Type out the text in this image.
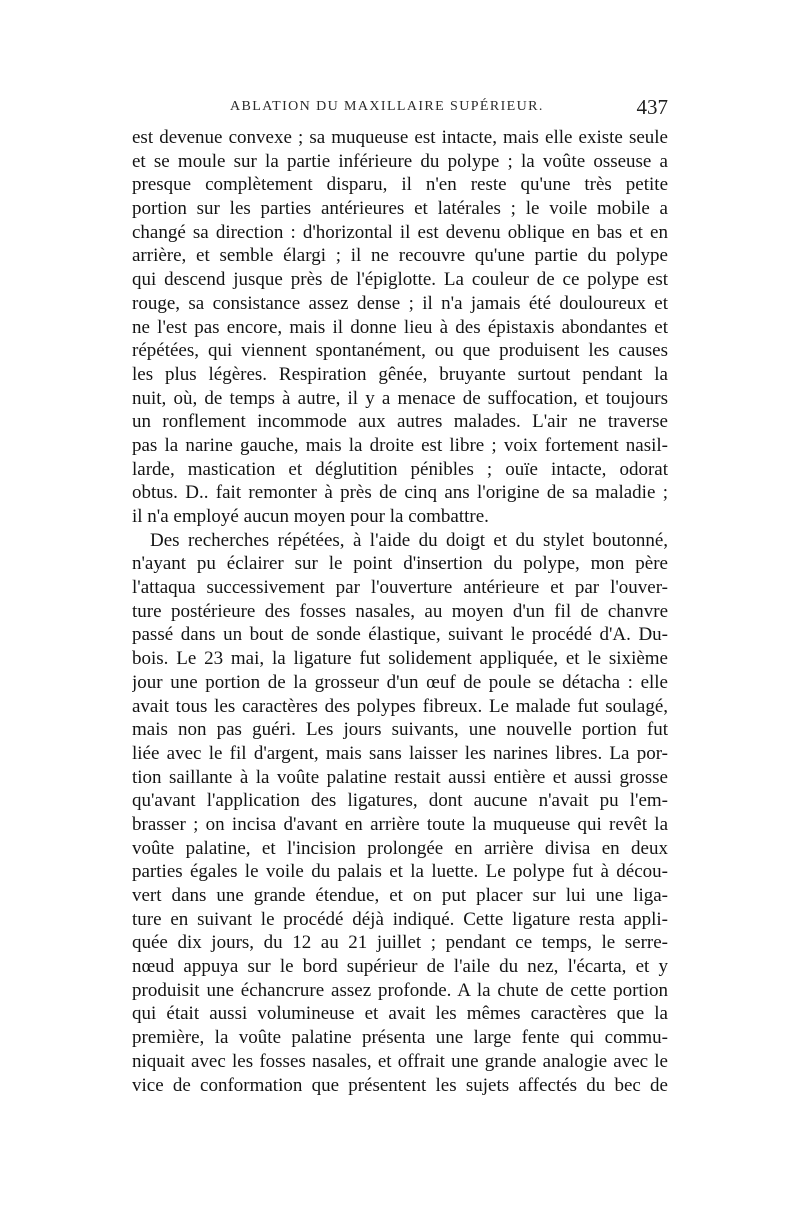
ABLATION DU MAXILLAIRE SUPÉRIEUR.	437
est devenue convexe ; sa muqueuse est intacte, mais elle existe seule
et se moule sur la partie inférieure du polype ; la voûte osseuse a
presque complètement disparu, il n'en reste qu'une très petite
portion sur les parties antérieures et latérales ; le voile mobile a
changé sa direction : d'horizontal il est devenu oblique en bas et en
arrière, et semble élargi ; il ne recouvre qu'une partie du polype
qui descend jusque près de l'épiglotte. La couleur de ce polype est
rouge, sa consistance assez dense ; il n'a jamais été douloureux et
ne l'est pas encore, mais il donne lieu à des épistaxis abondantes et
répétées, qui viennent spontanément, ou que produisent les causes
les plus légères. Respiration gênée, bruyante surtout pendant la
nuit, où, de temps à autre, il y a menace de suffocation, et toujours
un ronflement incommode aux autres malades. L'air ne traverse
pas la narine gauche, mais la droite est libre ; voix fortement nasil-
larde, mastication et déglutition pénibles ; ouïe intacte, odorat
obtus. D.. fait remonter à près de cinq ans l'origine de sa maladie ;
il n'a employé aucun moyen pour la combattre.
Des recherches répétées, à l'aide du doigt et du stylet boutonné,
n'ayant pu éclairer sur le point d'insertion du polype, mon père
l'attaqua successivement par l'ouverture antérieure et par l'ouver-
ture postérieure des fosses nasales, au moyen d'un fil de chanvre
passé dans un bout de sonde élastique, suivant le procédé d'A. Du-
bois. Le 23 mai, la ligature fut solidement appliquée, et le sixième
jour une portion de la grosseur d'un œuf de poule se détacha : elle
avait tous les caractères des polypes fibreux. Le malade fut soulagé,
mais non pas guéri. Les jours suivants, une nouvelle portion fut
liée avec le fil d'argent, mais sans laisser les narines libres. La por-
tion saillante à la voûte palatine restait aussi entière et aussi grosse
qu'avant l'application des ligatures, dont aucune n'avait pu l'em-
brasser ; on incisa d'avant en arrière toute la muqueuse qui revêt la
voûte palatine, et l'incision prolongée en arrière divisa en deux
parties égales le voile du palais et la luette. Le polype fut à décou-
vert dans une grande étendue, et on put placer sur lui une liga-
ture en suivant le procédé déjà indiqué. Cette ligature resta appli-
quée dix jours, du 12 au 21 juillet ; pendant ce temps, le serre-
nœud appuya sur le bord supérieur de l'aile du nez, l'écarta, et y
produisit une échancrure assez profonde. A la chute de cette portion
qui était aussi volumineuse et avait les mêmes caractères que la
première, la voûte palatine présenta une large fente qui commu-
niquait avec les fosses nasales, et offrait une grande analogie avec le
vice de conformation que présentent les sujets affectés du bec de
